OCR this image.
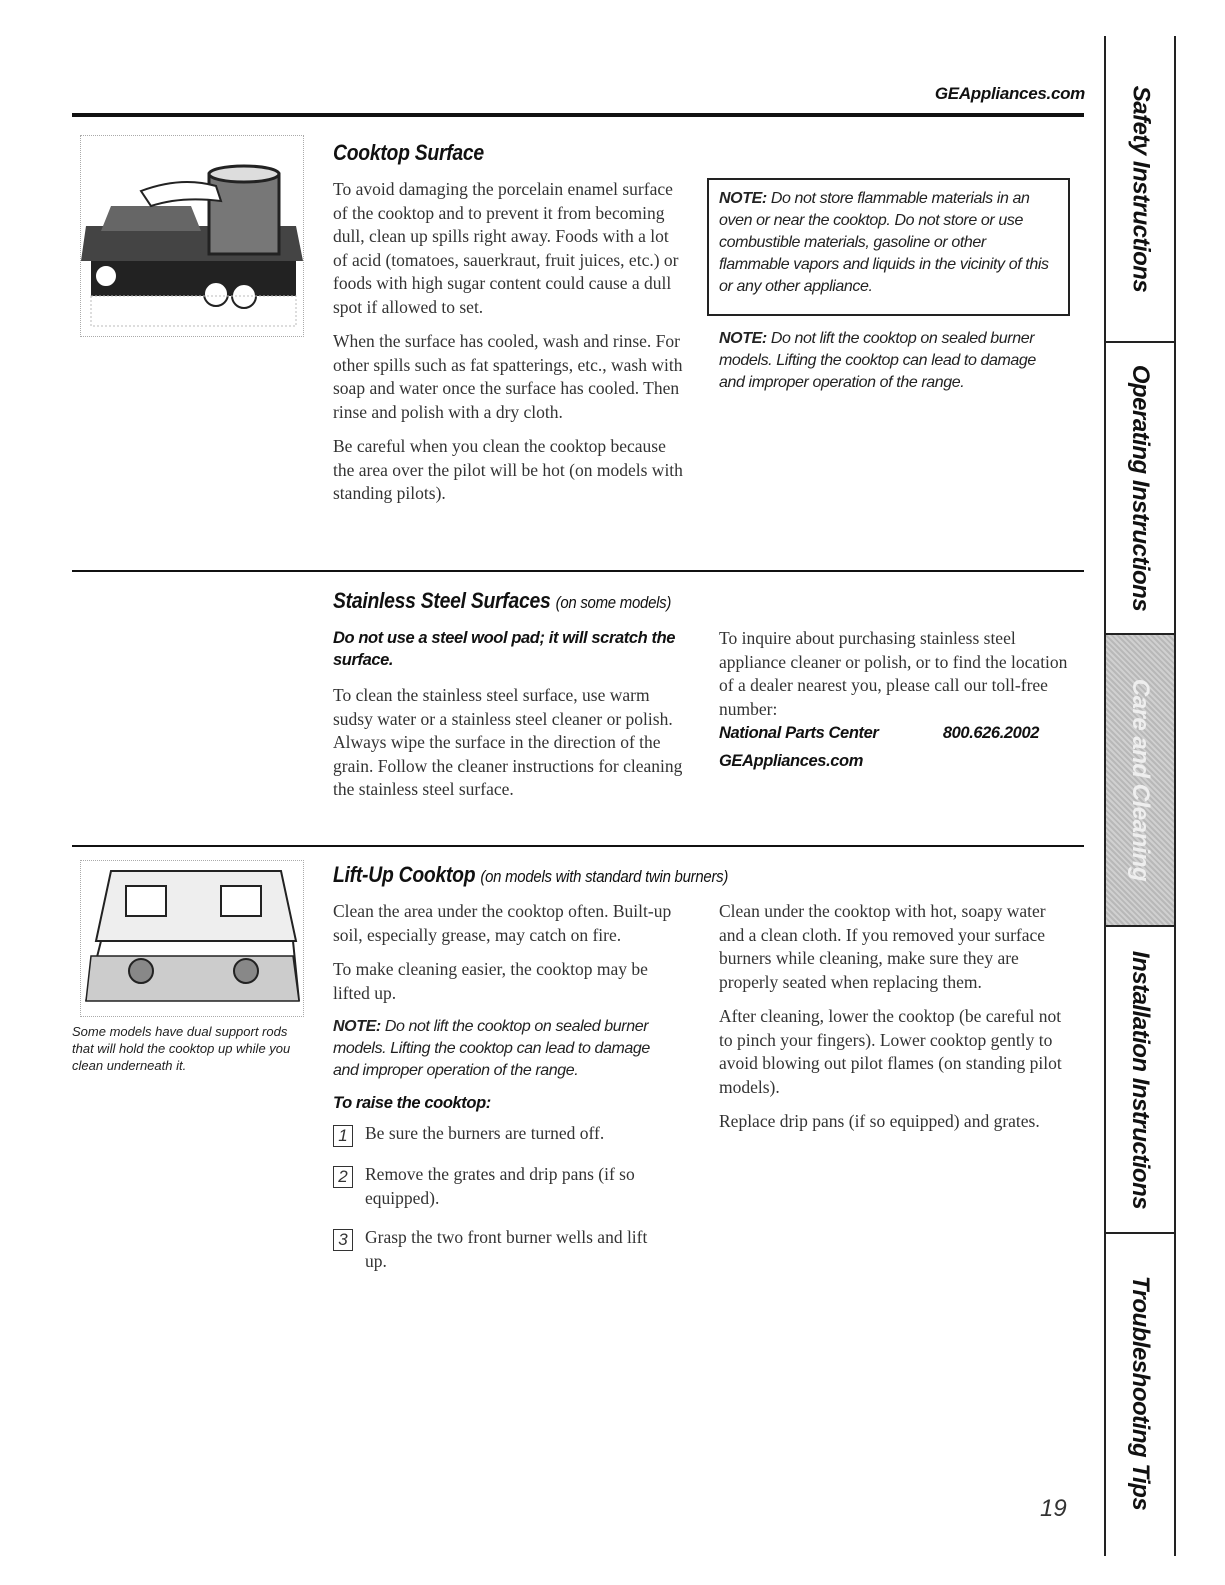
GEAppliances.com
Cooktop Surface

To avoid damaging the porcelain enamel surface of the cooktop and to prevent it from becoming dull, clean up spills right away. Foods with a lot of acid (tomatoes, sauerkraut, fruit juices, etc.) or foods with high sugar content could cause a dull spot if allowed to set.

When the surface has cooled, wash and rinse. For other spills such as fat spatterings, etc., wash with soap and water once the surface has cooled. Then rinse and polish with a dry cloth.

Be careful when you clean the cooktop because the area over the pilot will be hot (on models with standing pilots).

NOTE: Do not store flammable materials in an oven or near the cooktop. Do not store or use combustible materials, gasoline or other flammable vapors and liquids in the vicinity of this or any other appliance.
NOTE: Do not lift the cooktop on sealed burner models. Lifting the cooktop can lead to damage and improper operation of the range.
Stainless Steel Surfaces (on some models)
Do not use a steel wool pad; it will scratch the surface.
To clean the stainless steel surface, use warm sudsy water or a stainless steel cleaner or polish. Always wipe the surface in the direction of the grain. Follow the cleaner instructions for cleaning the stainless steel surface.
To inquire about purchasing stainless steel appliance cleaner or polish, or to find the location of a dealer nearest you, please call our toll-free number:
National Parts Center	800.626.2002
GEAppliances.com
Some models have dual support rods that will hold the cooktop up while you clean underneath it.
Lift-Up Cooktop (on models with standard twin burners)

Clean the area under the cooktop often. Built-up soil, especially grease, may catch on fire.

To make cleaning easier, the cooktop may be lifted up.

NOTE: Do not lift the cooktop on sealed burner models. Lifting the cooktop can lead to damage and improper operation of the range.
To raise the cooktop:
1 Be sure the burners are turned off.
2 Remove the grates and drip pans (if so equipped).
3 Grasp the two front burner wells and lift up.

Clean under the cooktop with hot, soapy water and a clean cloth. If you removed your surface burners while cleaning, make sure they are properly seated when replacing them.

After cleaning, lower the cooktop (be careful not to pinch your fingers). Lower cooktop gently to avoid blowing out pilot flames (on standing pilot models).

Replace drip pans (if so equipped) and grates.

19
Safety Instructions
Operating Instructions
Care and Cleaning
Installation Instructions
Troubleshooting Tips
